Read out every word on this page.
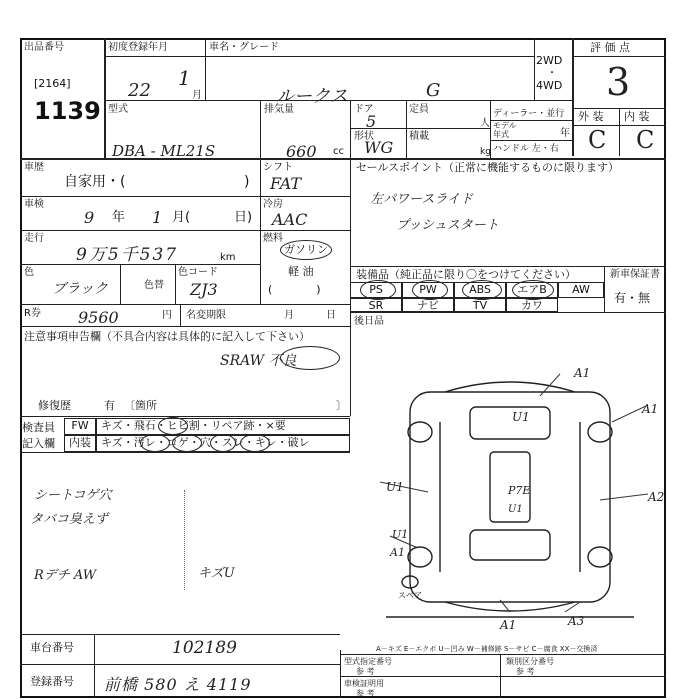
出品番号
[2164]
1139
初度登録年月
22
1
月
車名・グレード
ルークス	G
2WD
・
4WD
評 価 点
3
外 装 内 装
C C
型式
DBA - ML21S
排気量
660 cc
ドア
5
形状
WG
定員
人
積載
kg
ディーラー・並行
モデル
年式	年
ハンドル 左・右
車歴
自家用・(	)
車検
9 年 1 月(	日)
走行
9万5千537	km
色
ブラック	色替
色コード
ZJ3
R券 9560	円 名変期限	月	日
シフト
FAT
冷房
AAC
燃料
ガソリン
軽 油
(　　　　)
セールスポイント（正常に機能するものに限ります）
左パワースライド
プッシュスタート
装備品（純正品に限り〇をつけてください）	新車保証書
有・無
PS	PW	ABS	エアB	AW
SR	ナビ	TV	カワ
後日品
注意事項申告欄（不具合内容は具体的に記入して下さい）
SRAW 不良
修復歴	有 〔箇所	〕
検査員
記入欄
FW	キズ・飛石・ヒビ割・リペア跡・×要
内装 キズ・汚レ・コゲ・穴・スレ・キレ・破レ
シートコゲ穴
タバコ臭えず
Rデチ AW	キズU
A1
A1
U1
U1
U1
A2
A1
A1	A3
P7E
U1
スペア
A－キズ E－エクボ U－凹み W－補修跡 S－サビ C－腐食 XX－交換済
車台番号	102189
登録番号 前橋 580 え 4119
型式指定番号
参 考
類別区分番号
参 考
車検証明用
参 考
